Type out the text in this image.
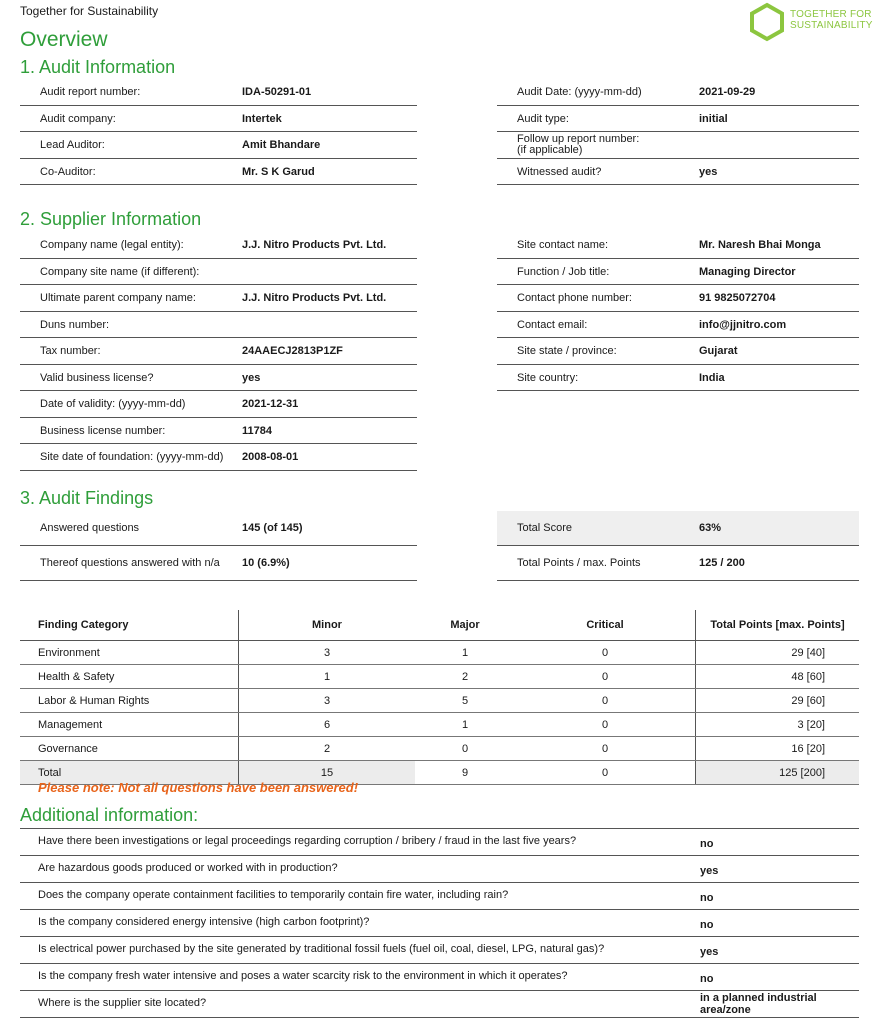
Together for Sustainability	TOGETHER FOR
SUSTAINABILITY
Overview
1. Audit Information
Audit report number:	IDA-50291-01
Audit company:	Intertek
Lead Auditor:	Amit Bhandare
Co-Auditor:	Mr. S K Garud
Audit Date: (yyyy-mm-dd)	2021-09-29
Audit type:	initial
Follow up report number:
(if applicable)
Witnessed audit?	yes
2. Supplier Information
Company name (legal entity):	J.J. Nitro Products Pvt. Ltd.
Company site name (if different):
Ultimate parent company name:	J.J. Nitro Products Pvt. Ltd.
Duns number:
Tax number:	24AAECJ2813P1ZF
Valid business license?	yes
Date of validity: (yyyy-mm-dd)	2021-12-31
Business license number:	11784
Site date of foundation: (yyyy-mm-dd) 2008-08-01
Site contact name:	Mr. Naresh Bhai Monga
Function / Job title:	Managing Director
Contact phone number:	91 9825072704
Contact email:	info@jjnitro.com
Site state / province:	Gujarat
Site country:	India
3. Audit Findings
Answered questions	145 (of 145)
Thereof questions answered with n/a 10 (6.9%)
Total Score	63%
Total Points / max. Points	125 / 200
Finding Category	Minor	Major	Critical	Total Points [max. Points]
Environment	3	1	0	29 [40]
Health & Safety	1	2	0	48 [60]
Labor & Human Rights	3	5	0	29 [60]
Management	6	1	0	3 [20]
Governance	2	0	0	16 [20]
Total	15	9	0	125 [200]
Please note: Not all questions have been answered!
Additional information:
Have there been investigations or legal proceedings regarding corruption / bribery / fraud in the last five years?	no
Are hazardous goods produced or worked with in production?	yes
Does the company operate containment facilities to temporarily contain fire water, including rain?	no
Is the company considered energy intensive (high carbon footprint)?	no
Is electrical power purchased by the site generated by traditional fossil fuels (fuel oil, coal, diesel, LPG, natural gas)?	yes
Is the company fresh water intensive and poses a water scarcity risk to the environment in which it operates?	no
Where is the supplier site located?	in a planned industrial area/zone
